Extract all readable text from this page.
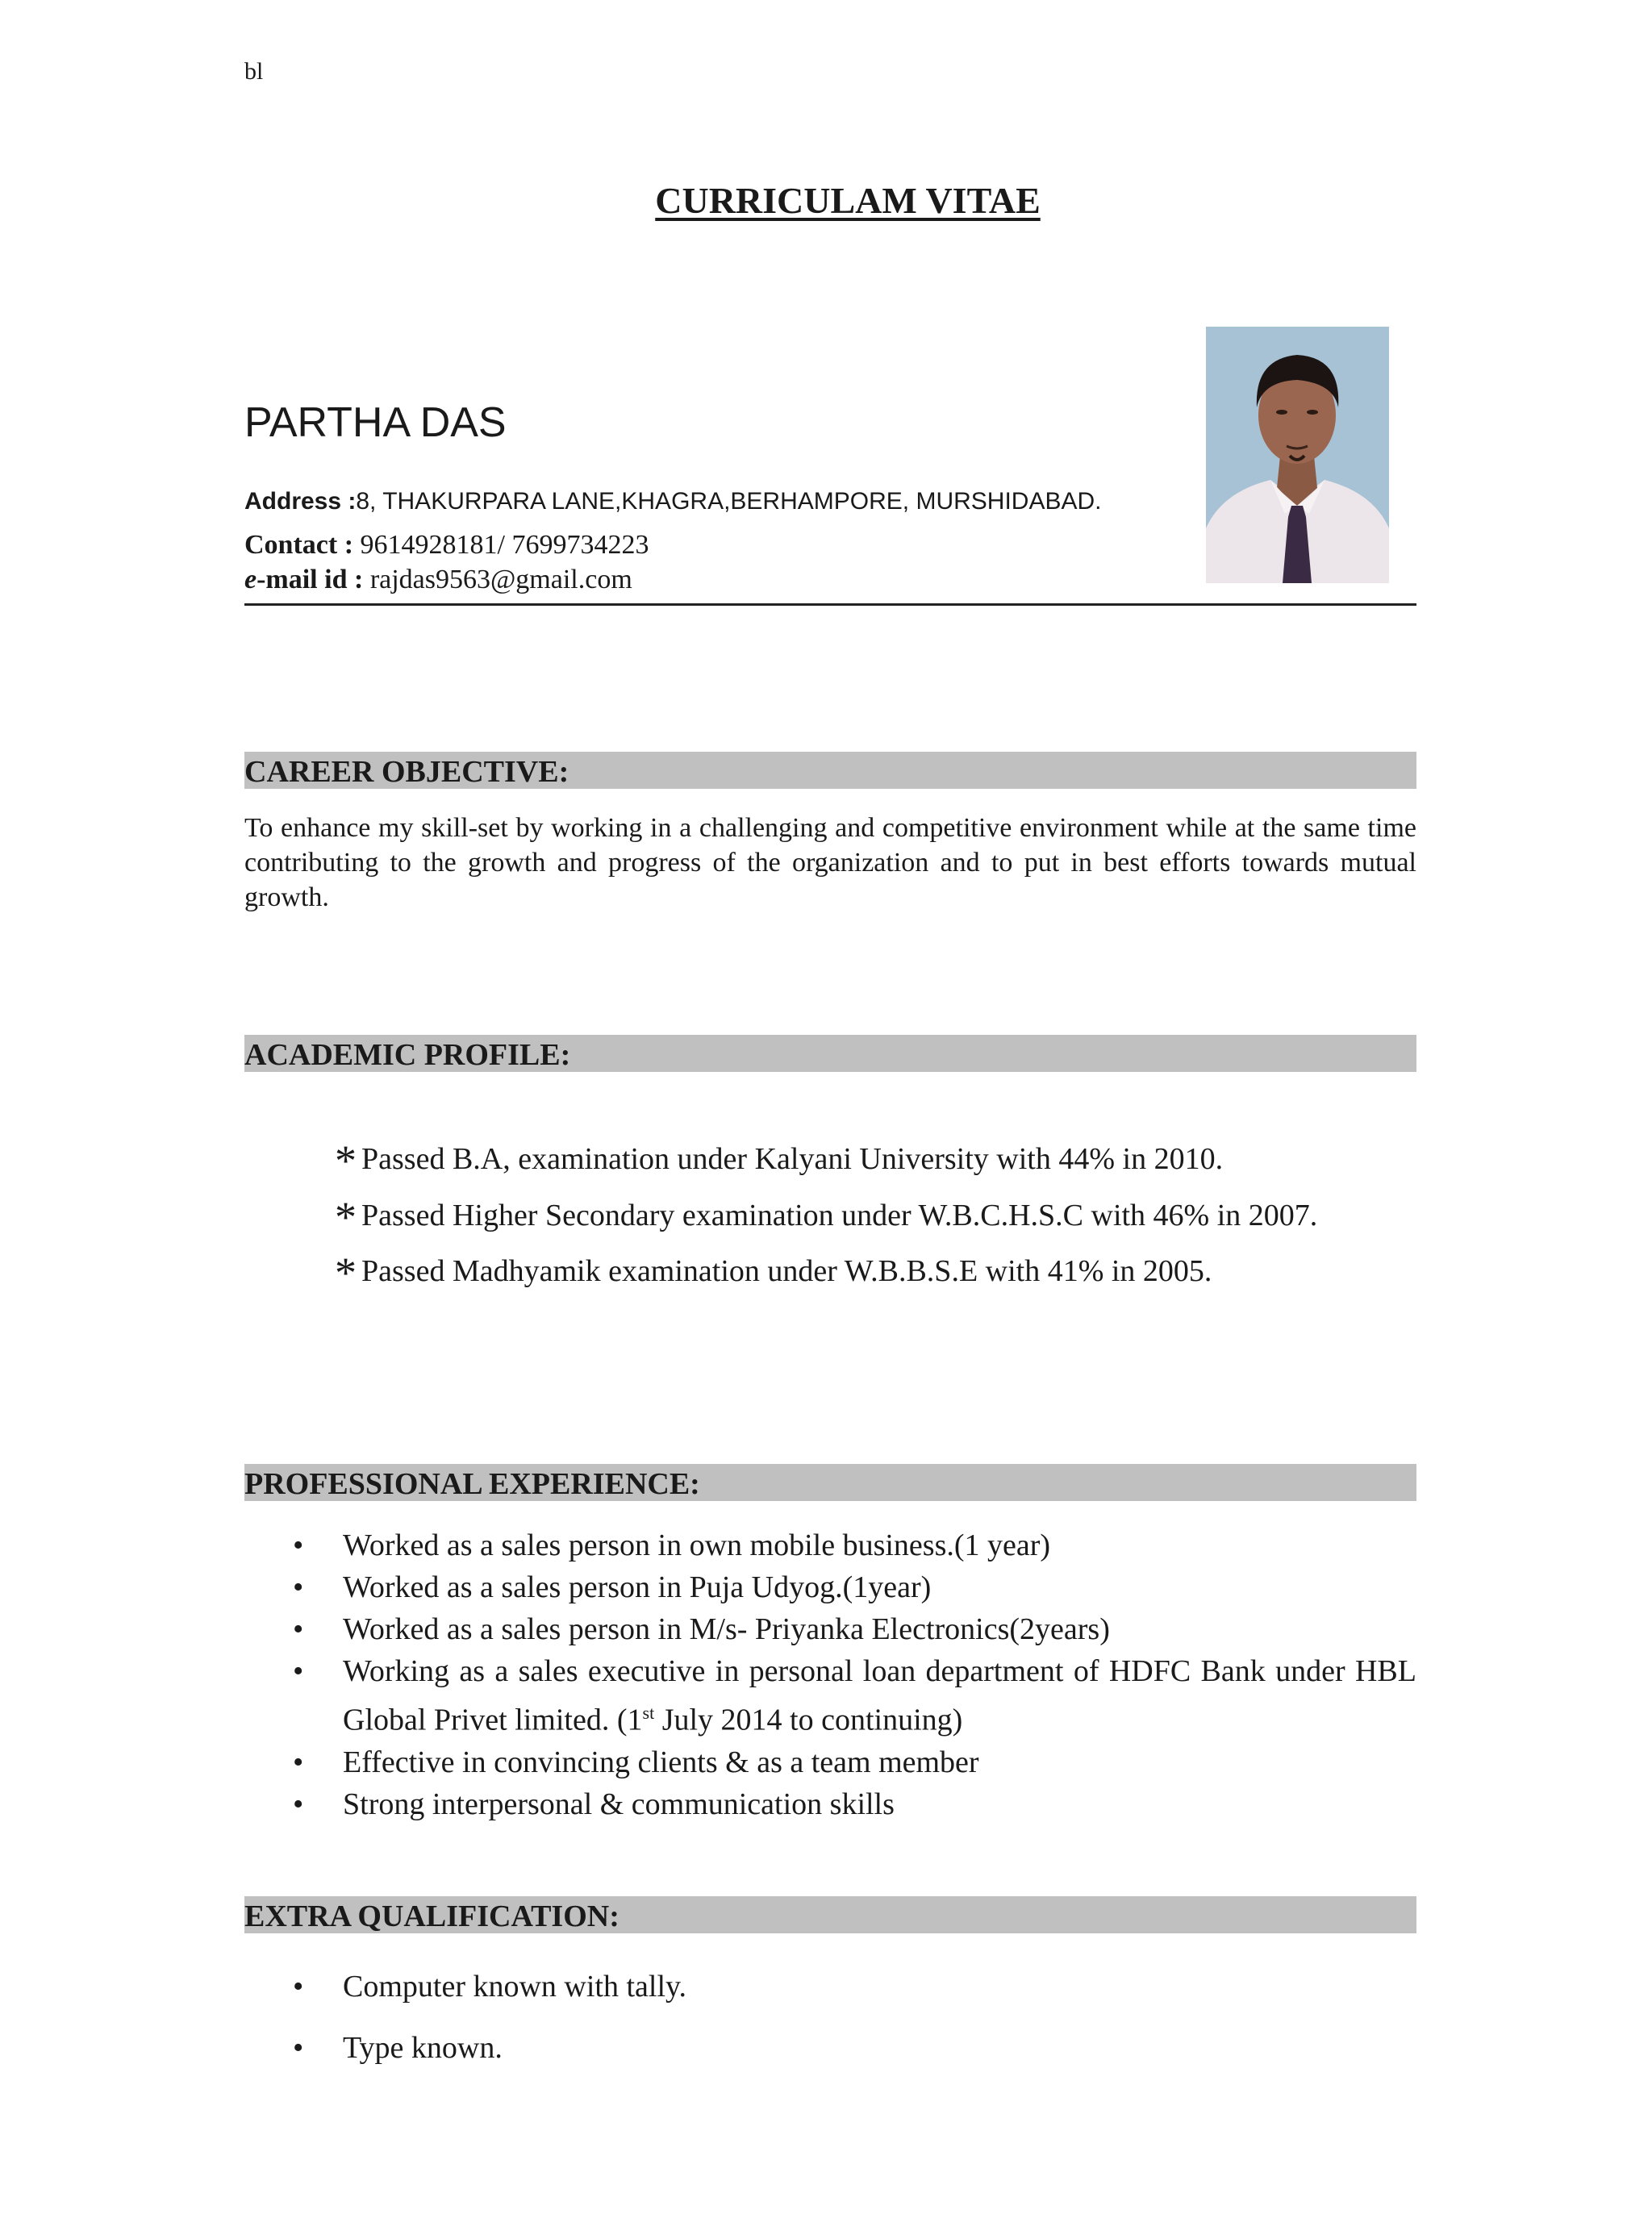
bl
CURRICULAM VITAE
PARTHA DAS
Address :8, THAKURPARA LANE,KHAGRA,BERHAMPORE, MURSHIDABAD.
Contact : 9614928181/ 7699734223
e-mail id : rajdas9563@gmail.com
CAREER OBJECTIVE:
To enhance my skill-set by working in a challenging and competitive environment while at the same time contributing to the growth and progress of the organization and to put in best efforts towards mutual growth.
ACADEMIC PROFILE:
* Passed B.A, examination under Kalyani University with 44% in 2010.
* Passed Higher Secondary examination under W.B.C.H.S.C with 46% in 2007.
* Passed Madhyamik examination under W.B.B.S.E with 41% in 2005.
PROFESSIONAL EXPERIENCE:
• Worked as a sales person in own mobile business.(1 year)
• Worked as a sales person in Puja Udyog.(1year)
• Worked as a sales person in M/s- Priyanka Electronics(2years)
• Working as a sales executive in personal loan department of HDFC Bank under HBL Global Privet limited. (1st July 2014 to continuing)
• Effective in convincing clients & as a team member
• Strong interpersonal & communication skills
EXTRA QUALIFICATION:
• Computer known with tally.
• Type known.
